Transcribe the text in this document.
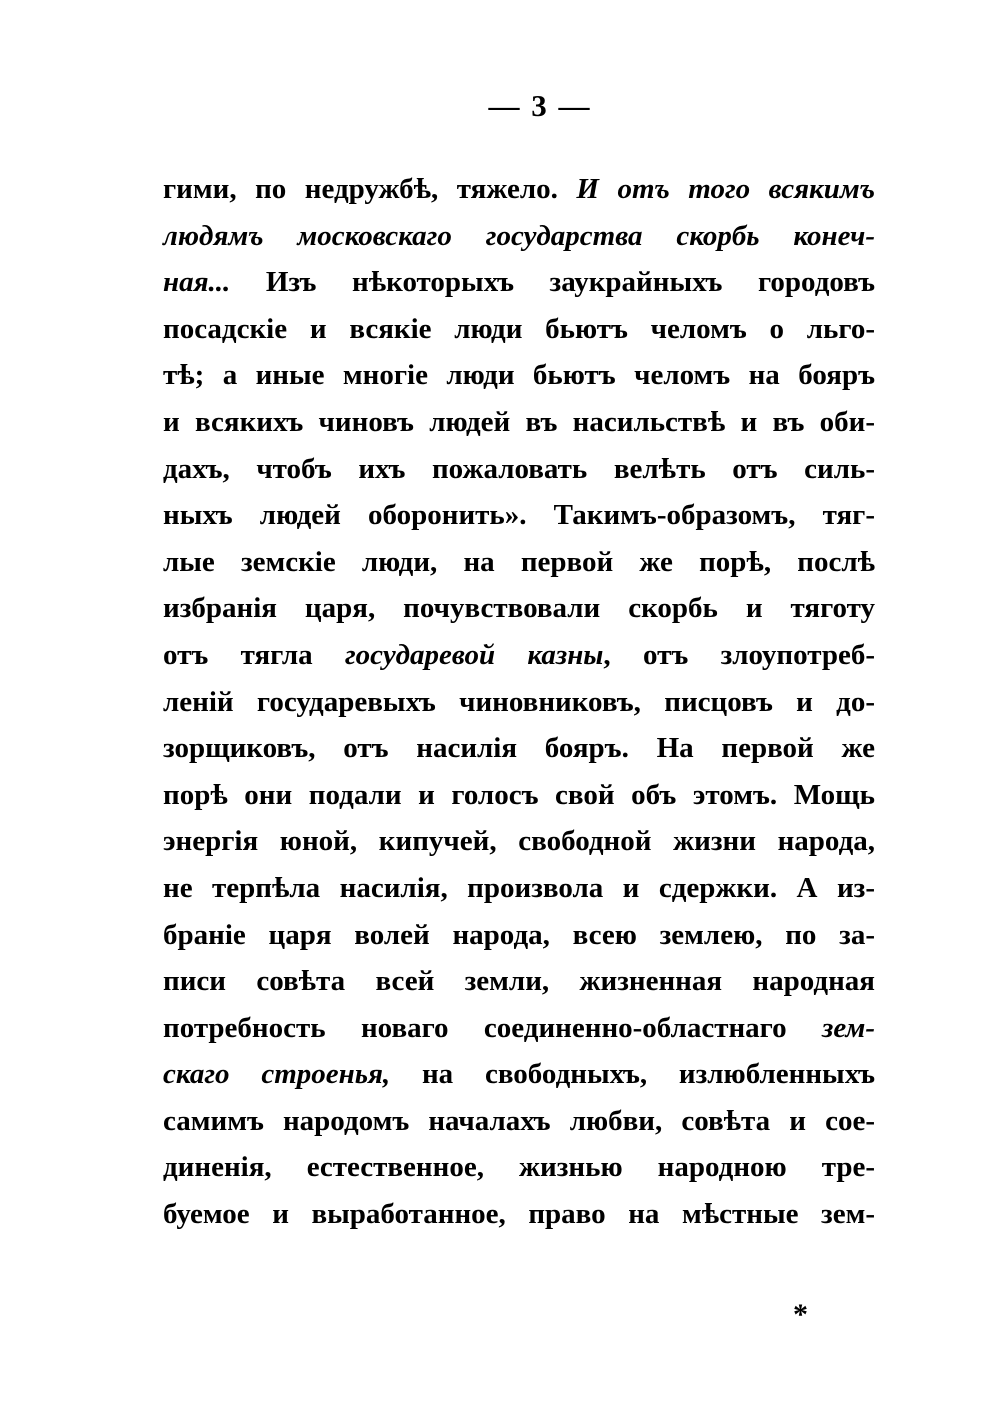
— 3 —
гими, по недружбѣ, тяжело. И отъ того всякимъ
людямъ московскаго государства скорбь конеч-
ная... Изъ нѣкоторыхъ заукрайныхъ городовъ
посадскіе и всякіе люди бьютъ челомъ о льго-
тѣ; а иные многіе люди бьютъ челомъ на бояръ
и всякихъ чиновъ людей въ насильствѣ и въ оби-
дахъ, чтобъ ихъ пожаловать велѣть отъ силь-
ныхъ людей оборонить». Такимъ-образомъ, тяг-
лые земскіе люди, на первой же порѣ, послѣ
избранія царя, почувствовали скорбь и тяготу
отъ тягла государевой казны, отъ злоупотреб-
леній государевыхъ чиновниковъ, писцовъ и до-
зорщиковъ, отъ насилія бояръ. На первой же
порѣ они подали и голосъ свой объ этомъ. Мощь
энергія юной, кипучей, свободной жизни народа,
не терпѣла насилія, произвола и сдержки. А из-
браніе царя волей народа, всею землею, по за-
писи совѣта всей земли, жизненная народная
потребность новаго соединенно-областнаго зем-
скаго строенья, на свободныхъ, излюбленныхъ
самимъ народомъ началахъ любви, совѣта и сое-
диненія, естественное, жизнью народною тре-
буемое и выработанное, право на мѣстные зем-
*
